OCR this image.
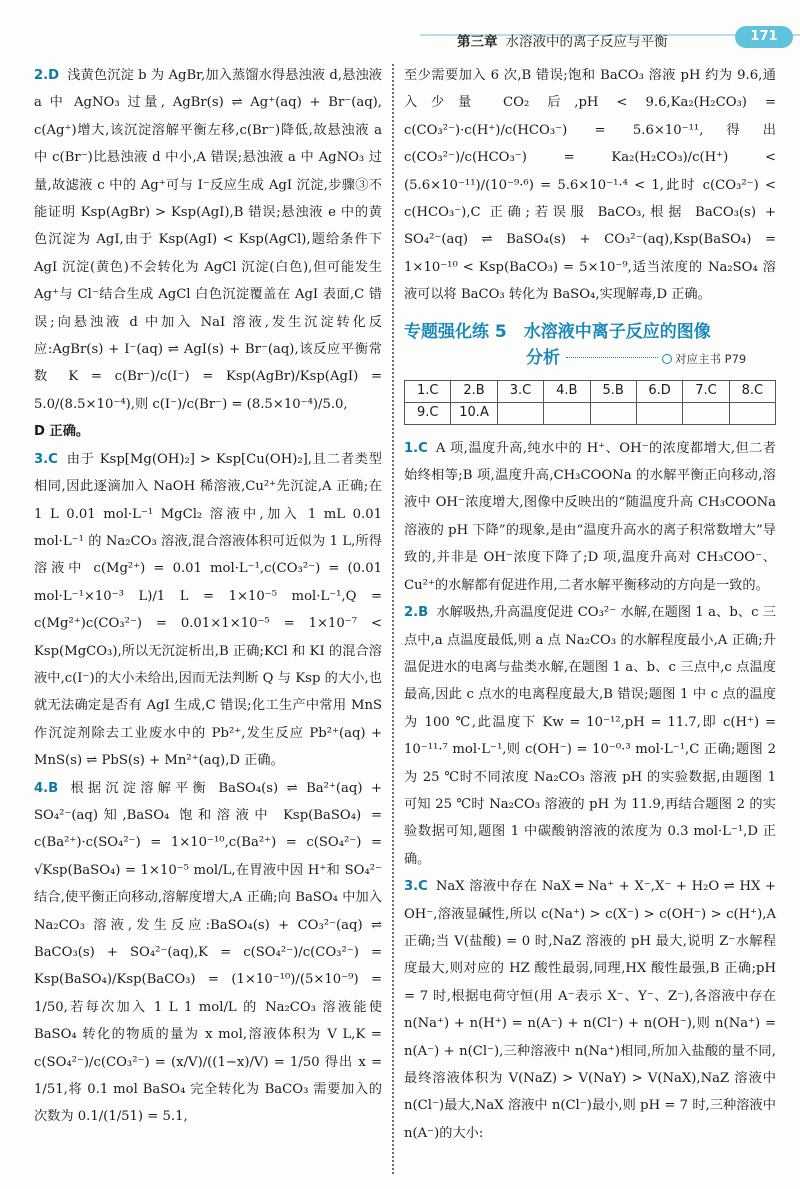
第三章 水溶液中的离子反应与平衡	171
2.D 浅黄色沉淀 b 为 AgBr,加入蒸馏水得悬浊液 d,悬浊液 a 中 AgNO₃ 过量, AgBr(s) ⇌ Ag⁺(aq) + Br⁻(aq), c(Ag⁺)增大,该沉淀溶解平衡左移,c(Br⁻)降低,故悬浊液 a 中 c(Br⁻)比悬浊液 d 中小,A 错误;悬浊液 a 中 AgNO₃ 过量,故滤液 c 中的 Ag⁺可与 I⁻反应生成 AgI 沉淀,步骤③不能证明 Ksp(AgBr) > Ksp(AgI),B 错误;悬浊液 e 中的黄色沉淀为 AgI,由于 Ksp(AgI) < Ksp(AgCl),题给条件下 AgI 沉淀(黄色)不会转化为 AgCl 沉淀(白色),但可能发生 Ag⁺与 Cl⁻结合生成 AgCl 白色沉淀覆盖在 AgI 表面,C 错误;向悬浊液 d 中加入 NaI 溶液,发生沉淀转化反应:AgBr(s) + I⁻(aq) ⇌ AgI(s) + Br⁻(aq),该反应平衡常数 K = c(Br⁻)/c(I⁻) = Ksp(AgBr)/Ksp(AgI) = 5.0/(8.5×10⁻⁴),则 c(I⁻)/c(Br⁻) = (8.5×10⁻⁴)/5.0,
D 正确。
3.C 由于 Ksp[Mg(OH)₂] > Ksp[Cu(OH)₂],且二者类型相同,因此逐滴加入 NaOH 稀溶液,Cu²⁺先沉淀,A 正确;在 1 L 0.01 mol·L⁻¹ MgCl₂ 溶液中,加入 1 mL 0.01 mol·L⁻¹ 的 Na₂CO₃ 溶液,混合溶液体积可近似为 1 L,所得溶液中 c(Mg²⁺) = 0.01 mol·L⁻¹,c(CO₃²⁻) = (0.01 mol·L⁻¹×10⁻³ L)/1 L = 1×10⁻⁵ mol·L⁻¹,Q = c(Mg²⁺)c(CO₃²⁻) = 0.01×1×10⁻⁵ = 1×10⁻⁷ < Ksp(MgCO₃),所以无沉淀析出,B 正确;KCl 和 KI 的混合溶液中,c(I⁻)的大小未给出,因而无法判断 Q 与 Ksp 的大小,也就无法确定是否有 AgI 生成,C 错误;化工生产中常用 MnS 作沉淀剂除去工业废水中的 Pb²⁺,发生反应 Pb²⁺(aq) + MnS(s) ⇌ PbS(s) + Mn²⁺(aq),D 正确。
4.B 根据沉淀溶解平衡 BaSO₄(s) ⇌ Ba²⁺(aq) + SO₄²⁻(aq)知,BaSO₄ 饱和溶液中 Ksp(BaSO₄) = c(Ba²⁺)·c(SO₄²⁻) = 1×10⁻¹⁰,c(Ba²⁺) = c(SO₄²⁻) = √Ksp(BaSO₄) = 1×10⁻⁵ mol/L,在胃液中因 H⁺和 SO₄²⁻ 结合,使平衡正向移动,溶解度增大,A 正确;向 BaSO₄ 中加入 Na₂CO₃ 溶液,发生反应:BaSO₄(s) + CO₃²⁻(aq) ⇌ BaCO₃(s) + SO₄²⁻(aq),K = c(SO₄²⁻)/c(CO₃²⁻) = Ksp(BaSO₄)/Ksp(BaCO₃) = (1×10⁻¹⁰)/(5×10⁻⁹) = 1/50,若每次加入 1 L 1 mol/L 的 Na₂CO₃ 溶液能使 BaSO₄ 转化的物质的量为 x mol,溶液体积为 V L,K = c(SO₄²⁻)/c(CO₃²⁻) = (x/V)/((1−x)/V) = 1/50 得出 x = 1/51,将 0.1 mol BaSO₄ 完全转化为 BaCO₃ 需要加入的次数为 0.1/(1/51) = 5.1,
至少需要加入 6 次,B 错误;饱和 BaCO₃ 溶液 pH 约为 9.6,通入少量 CO₂ 后,pH < 9.6,Ka₂(H₂CO₃) = c(CO₃²⁻)·c(H⁺)/c(HCO₃⁻) = 5.6×10⁻¹¹,得出 c(CO₃²⁻)/c(HCO₃⁻) = Ka₂(H₂CO₃)/c(H⁺) < (5.6×10⁻¹¹)/(10⁻⁹·⁶) = 5.6×10⁻¹·⁴ < 1,此时 c(CO₃²⁻) < c(HCO₃⁻),C 正确;若误服 BaCO₃,根据 BaCO₃(s) + SO₄²⁻(aq) ⇌ BaSO₄(s) + CO₃²⁻(aq),Ksp(BaSO₄) = 1×10⁻¹⁰ < Ksp(BaCO₃) = 5×10⁻⁹,适当浓度的 Na₂SO₄ 溶液可以将 BaCO₃ 转化为 BaSO₄,实现解毒,D 正确。
专题强化练 5　水溶液中离子反应的图像
分析	对应主书 P79
1.C	2.B	3.C	4.B	5.B	6.D	7.C	8.C
9.C	10.A						
1.C A 项,温度升高,纯水中的 H⁺、OH⁻的浓度都增大,但二者始终相等;B 项,温度升高,CH₃COONa 的水解平衡正向移动,溶液中 OH⁻浓度增大,图像中反映出的“随温度升高 CH₃COONa 溶液的 pH 下降”的现象,是由“温度升高水的离子积常数增大”导致的,并非是 OH⁻浓度下降了;D 项,温度升高对 CH₃COO⁻、Cu²⁺的水解都有促进作用,二者水解平衡移动的方向是一致的。
2.B 水解吸热,升高温度促进 CO₃²⁻ 水解,在题图 1 a、b、c 三点中,a 点温度最低,则 a 点 Na₂CO₃ 的水解程度最小,A 正确;升温促进水的电离与盐类水解,在题图 1 a、b、c 三点中,c 点温度最高,因此 c 点水的电离程度最大,B 错误;题图 1 中 c 点的温度为 100 ℃,此温度下 Kw = 10⁻¹²,pH = 11.7,即 c(H⁺) = 10⁻¹¹·⁷ mol·L⁻¹,则 c(OH⁻) = 10⁻⁰·³ mol·L⁻¹,C 正确;题图 2 为 25 ℃时不同浓度 Na₂CO₃ 溶液 pH 的实验数据,由题图 1 可知 25 ℃时 Na₂CO₃ 溶液的 pH 为 11.9,再结合题图 2 的实验数据可知,题图 1 中碳酸钠溶液的浓度为 0.3 mol·L⁻¹,D 正确。
3.C NaX 溶液中存在 NaX ═ Na⁺ + X⁻,X⁻ + H₂O ⇌ HX + OH⁻,溶液显碱性,所以 c(Na⁺) > c(X⁻) > c(OH⁻) > c(H⁺),A 正确;当 V(盐酸) = 0 时,NaZ 溶液的 pH 最大,说明 Z⁻水解程度最大,则对应的 HZ 酸性最弱,同理,HX 酸性最强,B 正确;pH = 7 时,根据电荷守恒(用 A⁻表示 X⁻、Y⁻、Z⁻),各溶液中存在 n(Na⁺) + n(H⁺) = n(A⁻) + n(Cl⁻) + n(OH⁻),则 n(Na⁺) = n(A⁻) + n(Cl⁻),三种溶液中 n(Na⁺)相同,所加入盐酸的量不同,最终溶液体积为 V(NaZ) > V(NaY) > V(NaX),NaZ 溶液中 n(Cl⁻)最大,NaX 溶液中 n(Cl⁻)最小,则 pH = 7 时,三种溶液中 n(A⁻)的大小:
